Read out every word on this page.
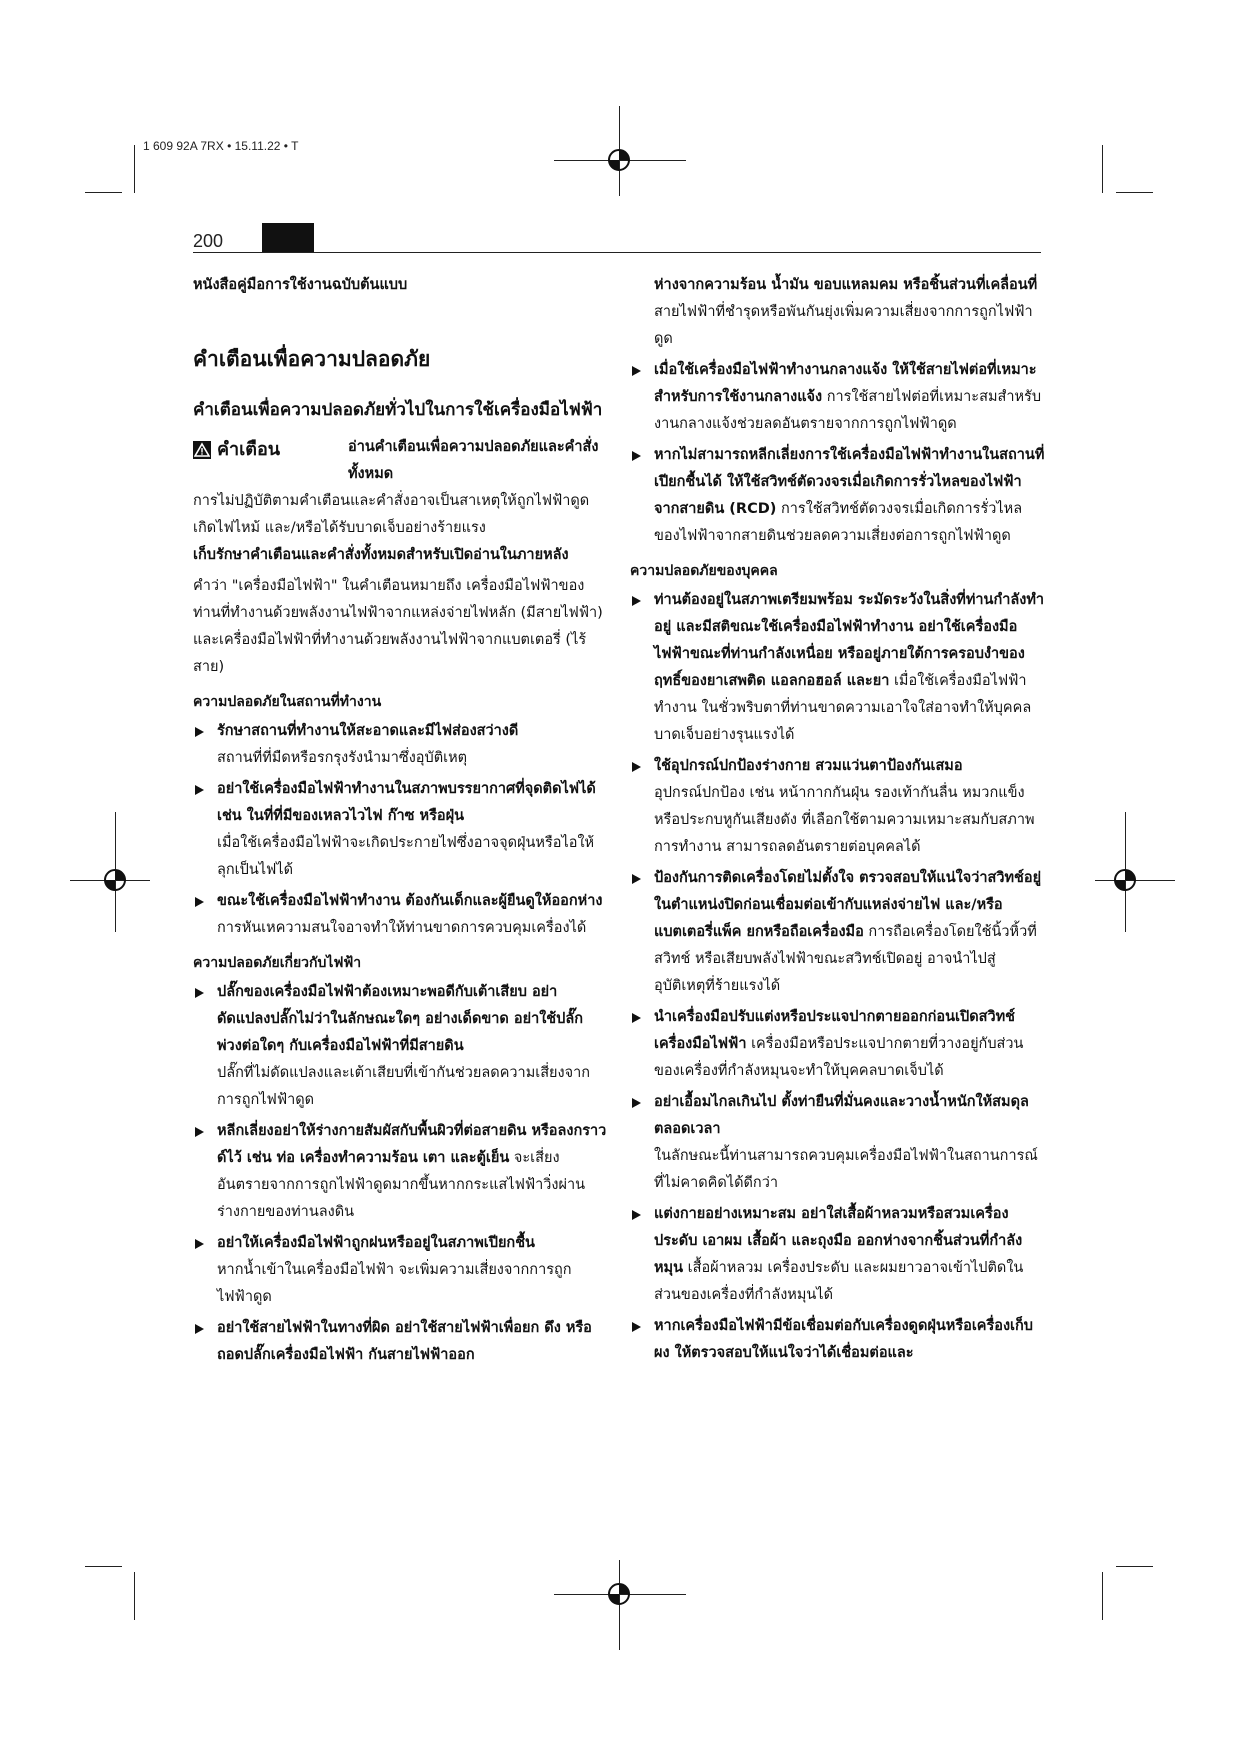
1 609 92A 7RX • 15.11.22 • T
200

หนังสือคู่มือการใช้งานฉบับต้นแบบ

คำเตือนเพื่อความปลอดภัย

คำเตือนเพื่อความปลอดภัยทั่วไปในการใช้เครื่องมือไฟฟ้า

คำเตือน	อ่านคำเตือนเพื่อความปลอดภัยและคำสั่งทั้งหมด

การไม่ปฏิบัติตามคำเตือนและคำสั่งอาจเป็นสาเหตุให้ถูกไฟฟ้าดูด เกิดไฟไหม้ และ/หรือได้รับบาดเจ็บอย่างร้ายแรง

เก็บรักษาคำเตือนและคำสั่งทั้งหมดสำหรับเปิดอ่านในภายหลัง

คำว่า "เครื่องมือไฟฟ้า" ในคำเตือนหมายถึง เครื่องมือไฟฟ้าของท่านที่ทำงานด้วยพลังงานไฟฟ้าจากแหล่งจ่ายไฟหลัก (มีสายไฟฟ้า) และเครื่องมือไฟฟ้าที่ทำงานด้วยพลังงานไฟฟ้าจากแบตเตอรี่ (ไร้สาย)

ความปลอดภัยในสถานที่ทำงาน

รักษาสถานที่ทำงานให้สะอาดและมีไฟส่องสว่างดี
สถานที่ที่มืดหรือรกรุงรังนำมาซึ่งอุบัติเหตุ
อย่าใช้เครื่องมือไฟฟ้าทำงานในสภาพบรรยากาศที่จุดติดไฟได้ เช่น ในที่ที่มีของเหลวไวไฟ ก๊าซ หรือฝุ่น
เมื่อใช้เครื่องมือไฟฟ้าจะเกิดประกายไฟซึ่งอาจจุดฝุ่นหรือไอให้ลุกเป็นไฟได้
ขณะใช้เครื่องมือไฟฟ้าทำงาน ต้องกันเด็กและผู้ยืนดูให้ออกห่าง
การหันเหความสนใจอาจทำให้ท่านขาดการควบคุมเครื่องได้

ความปลอดภัยเกี่ยวกับไฟฟ้า

ปลั๊กของเครื่องมือไฟฟ้าต้องเหมาะพอดีกับเต้าเสียบ อย่าดัดแปลงปลั๊กไม่ว่าในลักษณะใดๆ อย่างเด็ดขาด อย่าใช้ปลั๊กพ่วงต่อใดๆ กับเครื่องมือไฟฟ้าที่มีสายดิน
ปลั๊กที่ไม่ดัดแปลงและเต้าเสียบที่เข้ากันช่วยลดความเสี่ยงจากการถูกไฟฟ้าดูด
หลีกเลี่ยงอย่าให้ร่างกายสัมผัสกับพื้นผิวที่ต่อสายดิน หรือลงกราวด์ไว้ เช่น ท่อ เครื่องทำความร้อน เตา และตู้เย็น จะเสี่ยงอันตรายจากการถูกไฟฟ้าดูดมากขึ้นหากกระแสไฟฟ้าวิ่งผ่านร่างกายของท่านลงดิน
อย่าให้เครื่องมือไฟฟ้าถูกฝนหรืออยู่ในสภาพเปียกชื้น
หากน้ำเข้าในเครื่องมือไฟฟ้า จะเพิ่มความเสี่ยงจากการถูกไฟฟ้าดูด
อย่าใช้สายไฟฟ้าในทางที่ผิด อย่าใช้สายไฟฟ้าเพื่อยก ดึง หรือถอดปลั๊กเครื่องมือไฟฟ้า กันสายไฟฟ้าออก

ห่างจากความร้อน น้ำมัน ขอบแหลมคม หรือชิ้นส่วนที่เคลื่อนที่ สายไฟฟ้าที่ชำรุดหรือพันกันยุ่งเพิ่มความเสี่ยงจากการถูกไฟฟ้าดูด

เมื่อใช้เครื่องมือไฟฟ้าทำงานกลางแจ้ง ให้ใช้สายไฟต่อที่เหมาะสำหรับการใช้งานกลางแจ้ง การใช้สายไฟต่อที่เหมาะสมสำหรับงานกลางแจ้งช่วยลดอันตรายจากการถูกไฟฟ้าดูด
หากไม่สามารถหลีกเลี่ยงการใช้เครื่องมือไฟฟ้าทำงานในสถานที่เปียกชื้นได้ ให้ใช้สวิทช์ตัดวงจรเมื่อเกิดการรั่วไหลของไฟฟ้าจากสายดิน (RCD) การใช้สวิทช์ตัดวงจรเมื่อเกิดการรั่วไหลของไฟฟ้าจากสายดินช่วยลดความเสี่ยงต่อการถูกไฟฟ้าดูด

ความปลอดภัยของบุคคล

ท่านต้องอยู่ในสภาพเตรียมพร้อม ระมัดระวังในสิ่งที่ท่านกำลังทำอยู่ และมีสติขณะใช้เครื่องมือไฟฟ้าทำงาน อย่าใช้เครื่องมือไฟฟ้าขณะที่ท่านกำลังเหนื่อย หรืออยู่ภายใต้การครอบงำของฤทธิ์ของยาเสพติด แอลกอฮอล์ และยา เมื่อใช้เครื่องมือไฟฟ้าทำงาน ในชั่วพริบตาที่ท่านขาดความเอาใจใส่อาจทำให้บุคคลบาดเจ็บอย่างรุนแรงได้
ใช้อุปกรณ์ปกป้องร่างกาย สวมแว่นตาป้องกันเสมอ
อุปกรณ์ปกป้อง เช่น หน้ากากกันฝุ่น รองเท้ากันลื่น หมวกแข็ง หรือประกบหูกันเสียงดัง ที่เลือกใช้ตามความเหมาะสมกับสภาพการทำงาน สามารถลดอันตรายต่อบุคคลได้
ป้องกันการติดเครื่องโดยไม่ตั้งใจ ตรวจสอบให้แน่ใจว่าสวิทช์อยู่ในตำแหน่งปิดก่อนเชื่อมต่อเข้ากับแหล่งจ่ายไฟ และ/หรือแบตเตอรี่แพ็ค ยกหรือถือเครื่องมือ การถือเครื่องโดยใช้นิ้วหิ้วที่สวิทช์ หรือเสียบพลังไฟฟ้าขณะสวิทช์เปิดอยู่ อาจนำไปสู่อุบัติเหตุที่ร้ายแรงได้
นำเครื่องมือปรับแต่งหรือประแจปากตายออกก่อนเปิดสวิทช์เครื่องมือไฟฟ้า เครื่องมือหรือประแจปากตายที่วางอยู่กับส่วนของเครื่องที่กำลังหมุนจะทำให้บุคคลบาดเจ็บได้
อย่าเอื้อมไกลเกินไป ตั้งท่ายืนที่มั่นคงและวางน้ำหนักให้สมดุลตลอดเวลา
ในลักษณะนี้ท่านสามารถควบคุมเครื่องมือไฟฟ้าในสถานการณ์ที่ไม่คาดคิดได้ดีกว่า
แต่งกายอย่างเหมาะสม อย่าใส่เสื้อผ้าหลวมหรือสวมเครื่องประดับ เอาผม เสื้อผ้า และถุงมือ ออกห่างจากชิ้นส่วนที่กำลังหมุน เสื้อผ้าหลวม เครื่องประดับ และผมยาวอาจเข้าไปติดในส่วนของเครื่องที่กำลังหมุนได้
หากเครื่องมือไฟฟ้ามีข้อเชื่อมต่อกับเครื่องดูดฝุ่นหรือเครื่องเก็บผง ให้ตรวจสอบให้แน่ใจว่าได้เชื่อมต่อและ
